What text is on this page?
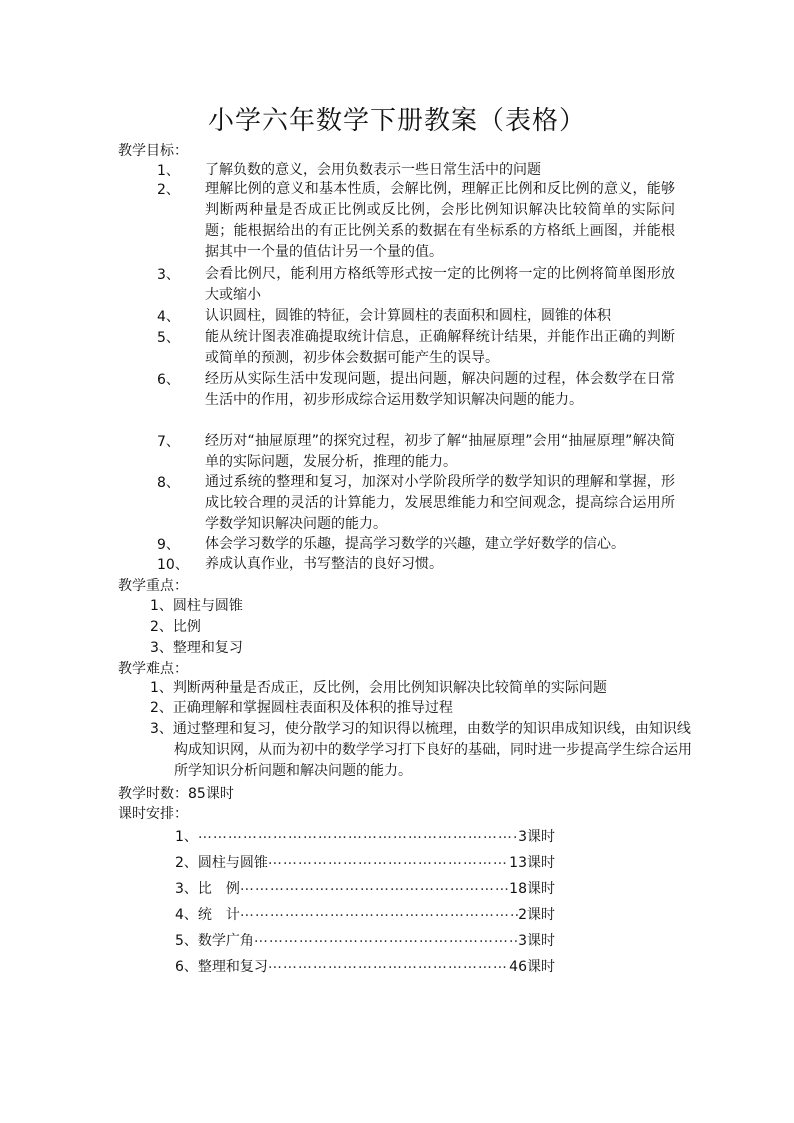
小学六年数学下册教案（表格）
教学目标：
1、 了解负数的意义，会用负数表示一些日常生活中的问题
2、 理解比例的意义和基本性质，会解比例，理解正比例和反比例的意义，能够判断两种量是否成正比例或反比例，会彤比例知识解决比较简单的实际问题；能根据给出的有正比例关系的数据在有坐标系的方格纸上画图，并能根据其中一个量的值估计另一个量的值。
3、 会看比例尺，能利用方格纸等形式按一定的比例将一定的比例将简单图形放大或缩小
4、 认识圆柱，圆锥的特征，会计算圆柱的表面积和圆柱，圆锥的体积
5、 能从统计图表准确提取统计信息，正确解释统计结果，并能作出正确的判断或简单的预测，初步体会数据可能产生的误导。
6、 经历从实际生活中发现问题，提出问题，解决问题的过程，体会数学在日常生活中的作用，初步形成综合运用数学知识解决问题的能力。
7、 经历对“抽屉原理”的探究过程，初步了解“抽屉原理”会用“抽屉原理”解决简单的实际问题，发展分析，推理的能力。
8、 通过系统的整理和复习，加深对小学阶段所学的数学知识的理解和掌握，形成比较合理的灵活的计算能力，发展思维能力和空间观念，提高综合运用所学数学知识解决问题的能力。
9、 体会学习数学的乐趣，提高学习数学的兴趣，建立学好数学的信心。
10、 养成认真作业，书写整洁的良好习惯。
教学重点：
1、圆柱与圆锥
2、比例
3、整理和复习
教学难点：
1、判断两种量是否成正，反比例，会用比例知识解决比较简单的实际问题
2、正确理解和掌握圆柱表面积及体积的推导过程
3、通过整理和复习，使分散学习的知识得以梳理，由数学的知识串成知识线，由知识线构成知识网，从而为初中的数学学习打下良好的基础，同时进一步提高学生综合运用所学知识分析问题和解决问题的能力。
教学时数：85课时
课时安排：
1、 ……………………………………………………………………………………………………………………	3课时
2、圆柱与圆锥 ……………………………………………………………………………………………………………………	13课时
3、比　例 ……………………………………………………………………………………………………………………	18课时
4、统　计 ……………………………………………………………………………………………………………………	2课时
5、数学广角 ……………………………………………………………………………………………………………………	3课时
6、整理和复习 ……………………………………………………………………………………………………………………	46课时
